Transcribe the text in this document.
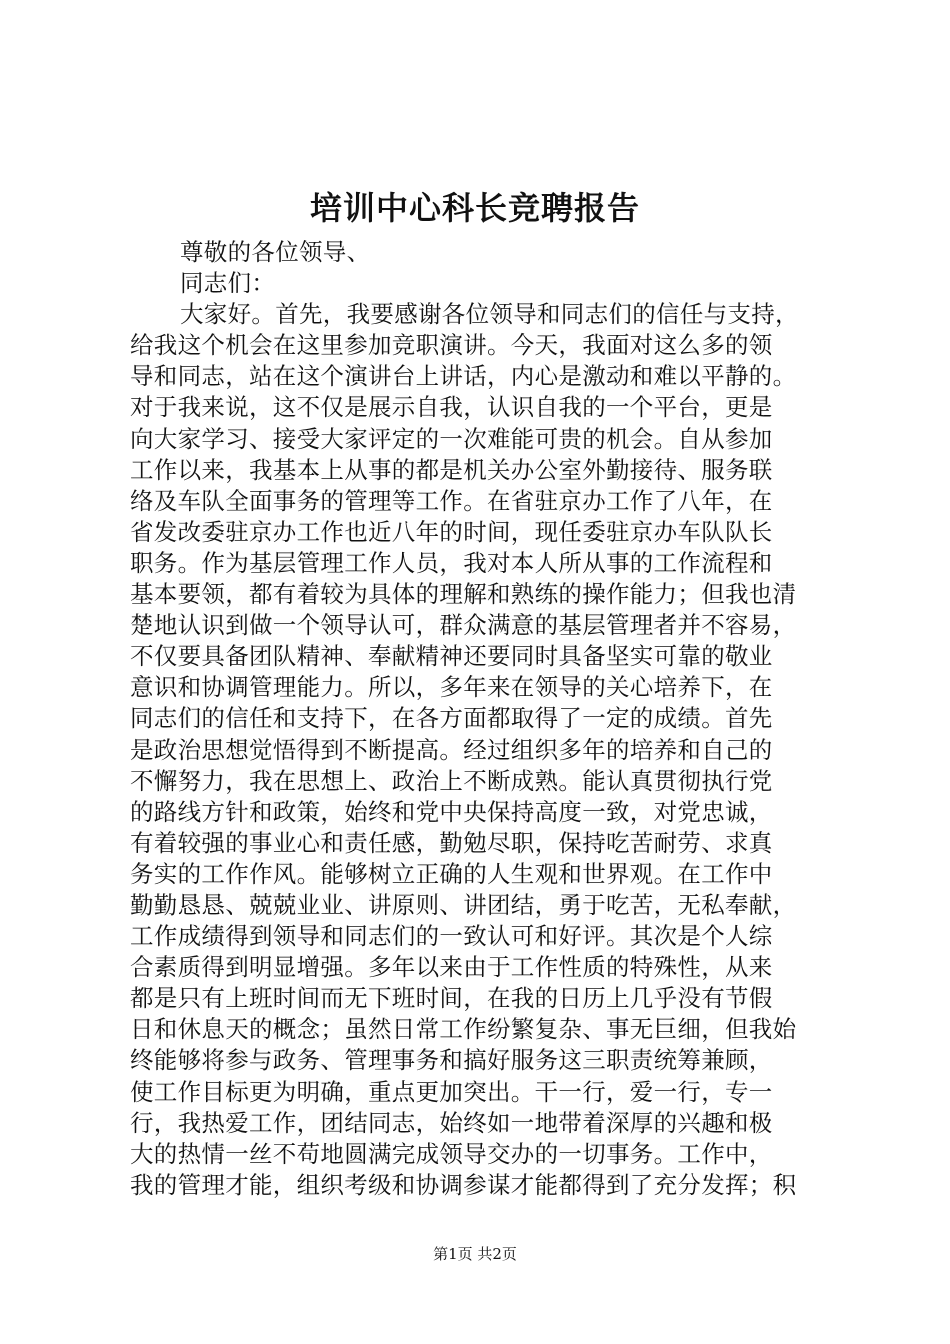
培训中心科长竞聘报告
尊敬的各位领导、
同志们：
大家好。首先，我要感谢各位领导和同志们的信任与支持，
给我这个机会在这里参加竞职演讲。今天，我面对这么多的领
导和同志，站在这个演讲台上讲话，内心是激动和难以平静的。
对于我来说，这不仅是展示自我，认识自我的一个平台，更是
向大家学习、接受大家评定的一次难能可贵的机会。自从参加
工作以来，我基本上从事的都是机关办公室外勤接待、服务联
络及车队全面事务的管理等工作。在省驻京办工作了八年，在
省发改委驻京办工作也近八年的时间，现任委驻京办车队队长
职务。作为基层管理工作人员，我对本人所从事的工作流程和
基本要领，都有着较为具体的理解和熟练的操作能力；但我也清
楚地认识到做一个领导认可，群众满意的基层管理者并不容易，
不仅要具备团队精神、奉献精神还要同时具备坚实可靠的敬业
意识和协调管理能力。所以，多年来在领导的关心培养下，在
同志们的信任和支持下，在各方面都取得了一定的成绩。首先
是政治思想觉悟得到不断提高。经过组织多年的培养和自己的
不懈努力，我在思想上、政治上不断成熟。能认真贯彻执行党
的路线方针和政策，始终和党中央保持高度一致，对党忠诚，
有着较强的事业心和责任感，勤勉尽职，保持吃苦耐劳、求真
务实的工作作风。能够树立正确的人生观和世界观。在工作中
勤勤恳恳、兢兢业业、讲原则、讲团结，勇于吃苦，无私奉献，
工作成绩得到领导和同志们的一致认可和好评。其次是个人综
合素质得到明显增强。多年以来由于工作性质的特殊性，从来
都是只有上班时间而无下班时间，在我的日历上几乎没有节假
日和休息天的概念；虽然日常工作纷繁复杂、事无巨细，但我始
终能够将参与政务、管理事务和搞好服务这三职责统筹兼顾，
使工作目标更为明确，重点更加突出。干一行，爱一行，专一
行，我热爱工作，团结同志，始终如一地带着深厚的兴趣和极
大的热情一丝不苟地圆满完成领导交办的一切事务。工作中，
我的管理才能，组织考级和协调参谋才能都得到了充分发挥；积
第1页 共2页
